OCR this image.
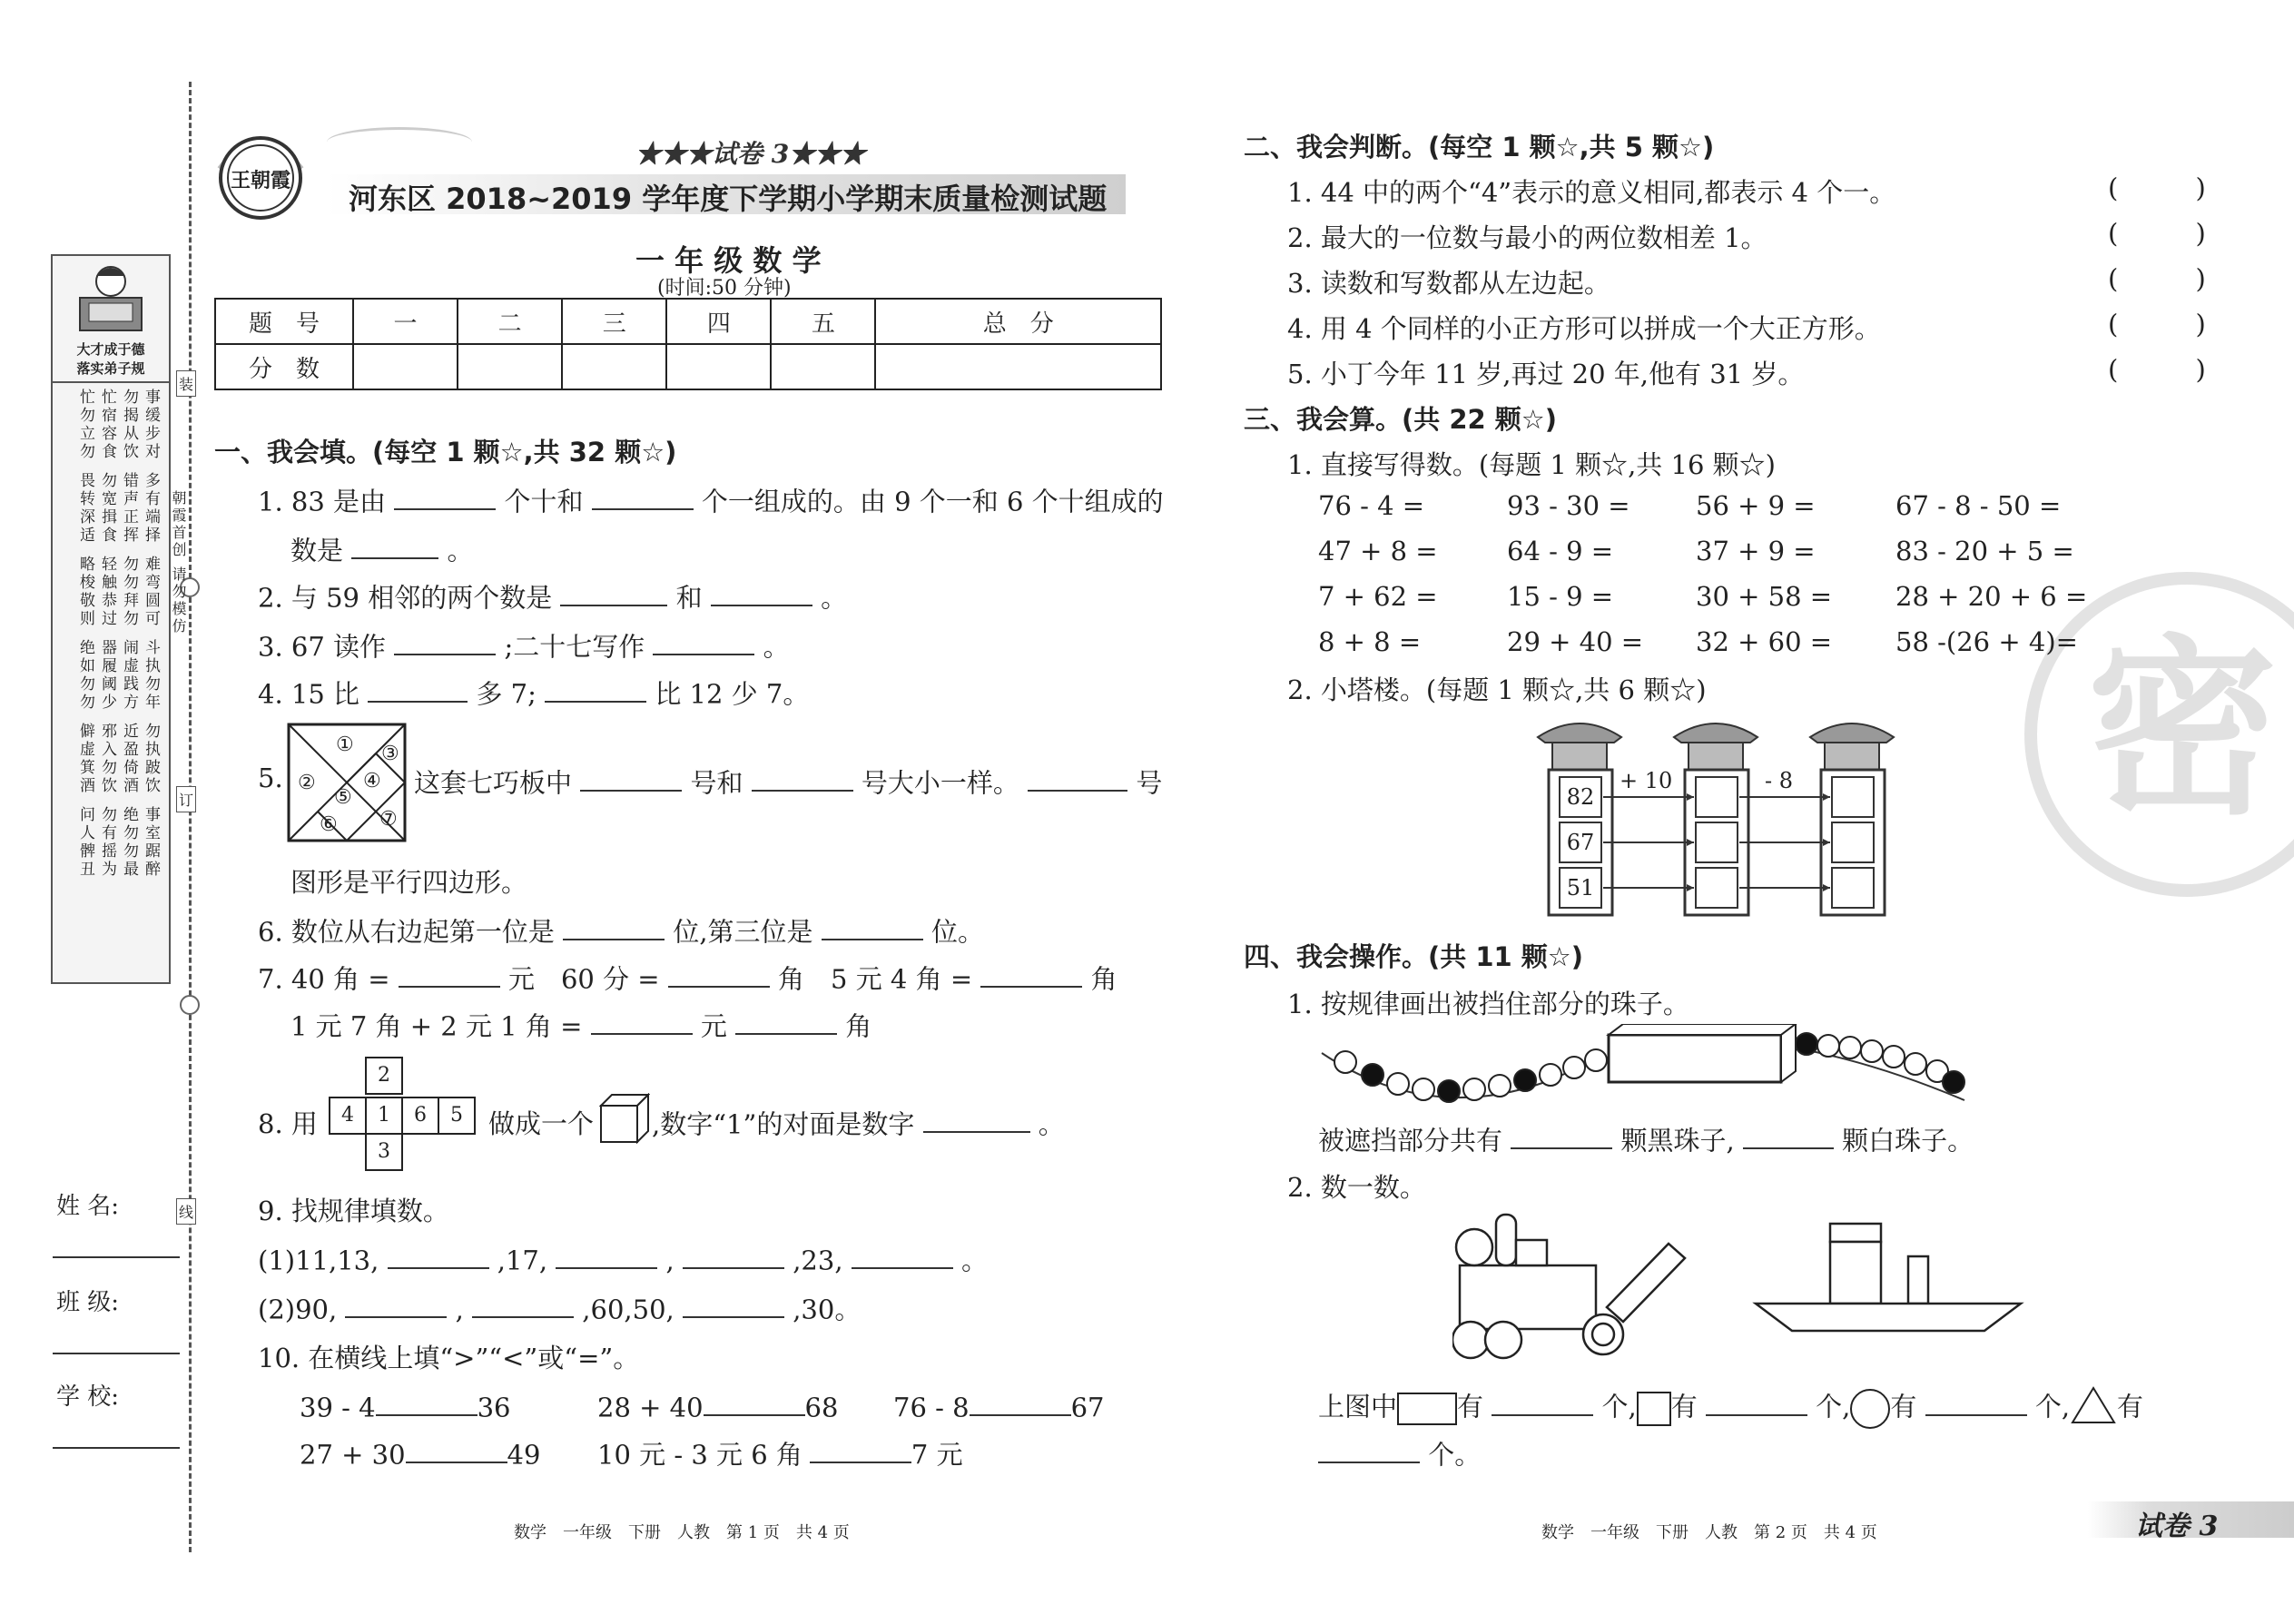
大才成于德
落实弟子规
事缓步对
勿揭从饮
忙宿容食
忙勿立勿
多有端择
错声正挥
勿宽揖食
畏转深适
难弯圆可
勿勿拜勿
轻触恭过
略梭敬则
斗执勿年
闹虚践方
器履阈少
绝如勿勿
勿执跛饮
近盈倚酒
邪入勿饮
僻虚箕酒
事室踞醉
绝勿勿最
勿有摇为
问人髀丑
装
订
线
朝霞首创 请勿模仿
姓 名:
班 级:
学 校:
王朝霞
★★★试卷 3★★★
河东区 2018~2019 学年度下学期小学期末质量检测试题
一 年 级 数 学
(时间:50 分钟)
题　号	一	二	三	四	五	总　分
分　数						
一、我会填。(每空 1 颗☆,共 32 颗☆)
1. 83 是由	个十和	个一组成的。由 9 个一和 6 个十组成的
数是	。
2. 与 59 相邻的两个数是	和	。
3. 67 读作	;二十七写作	。
4. 15 比	多 7;	比 12 少 7。
5.
①
②
③
④
⑤
⑥ ⑦
这套七巧板中	号和	号大小一样。	号
图形是平行四边形。
6. 数位从右边起第一位是	位,第三位是	位。
7. 40 角 =	元　60 分 =	角　5 元 4 角 =	角
1 元 7 角 + 2 元 1 角 =	元	角
8. 用
2
4	1	6	5
3
做成一个 ,数字“1”的对面是数字	。
9. 找规律填数。
(1)11,13,	,17,	,	,23,	。
(2)90,	,	,60,50,	,30。
10. 在横线上填“>”“<”或“=”。
39 - 4	36	28 + 40	68 76 - 8	67
27 + 30	49 10 元 - 3 元 6 角	7 元
数学　一年级　下册　人教　第 1 页　共 4 页
密
二、我会判断。(每空 1 颗☆,共 5 颗☆)
1. 44 中的两个“4”表示的意义相同,都表示 4 个一。	( )
2. 最大的一位数与最小的两位数相差 1。	( )
3. 读数和写数都从左边起。	( )
4. 用 4 个同样的小正方形可以拼成一个大正方形。	( )
5. 小丁今年 11 岁,再过 20 年,他有 31 岁。	( )
三、我会算。(共 22 颗☆)
1. 直接写得数。(每题 1 颗☆,共 16 颗☆)
76 - 4 =	93 - 30 = 56 + 9 =	67 - 8 - 50 =
47 + 8 =	64 - 9 =	37 + 9 =	83 - 20 + 5 =
7 + 62 =	15 - 9 =	30 + 58 = 28 + 20 + 6 =
8 + 8 =	29 + 40 = 32 + 60 = 58 -(26 + 4)=
2. 小塔楼。(每题 1 颗☆,共 6 颗☆)
82
67
51
+ 10	- 8
四、我会操作。(共 11 颗☆)
1. 按规律画出被挡住部分的珠子。
被遮挡部分共有	颗黑珠子,	颗白珠子。
2. 数一数。
上图中 有	个, 有	个, 有	个, 有
个。
数学　一年级　下册　人教　第 2 页　共 4 页	试卷 3
